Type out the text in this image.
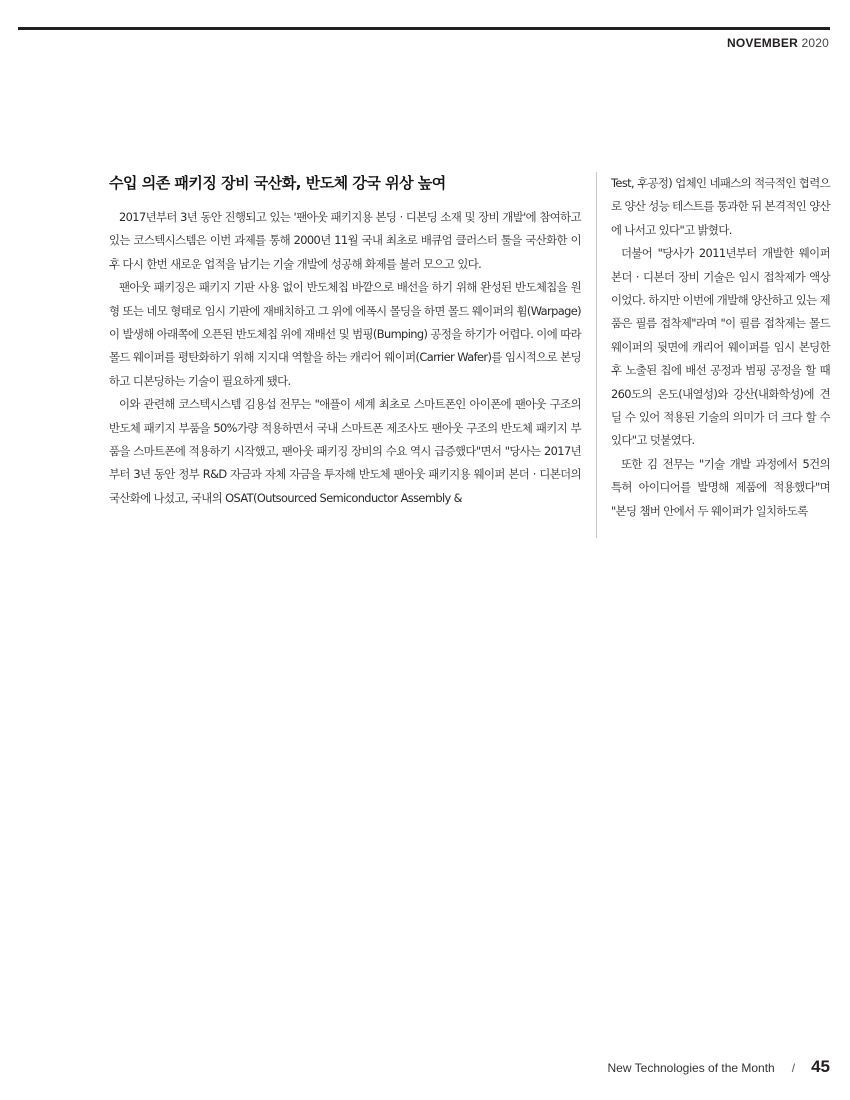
NOVEMBER 2020
수입 의존 패키징 장비 국산화, 반도체 강국 위상 높여

2017년부터 3년 동안 진행되고 있는 '팬아웃 패키지용 본딩 · 디본딩 소재 및 장비 개발'에 참여하고 있는 코스텍시스템은 이번 과제를 통해 2000년 11월 국내 최초로 배큐엄 클러스터 툴을 국산화한 이후 다시 한번 새로운 업적을 남기는 기술 개발에 성공해 화제를 불러 모으고 있다.

팬아웃 패키징은 패키지 기판 사용 없이 반도체칩 바깥으로 배선을 하기 위해 완성된 반도체칩을 원형 또는 네모 형태로 임시 기판에 재배치하고 그 위에 에폭시 몰딩을 하면 몰드 웨이퍼의 휨(Warpage)이 발생해 아래쪽에 오픈된 반도체칩 위에 재배선 및 범핑(Bumping) 공정을 하기가 어렵다. 이에 따라 몰드 웨이퍼를 평탄화하기 위해 지지대 역할을 하는 캐리어 웨이퍼(Carrier Wafer)를 임시적으로 본딩하고 디본딩하는 기술이 필요하게 됐다.

이와 관련해 코스텍시스템 김용섭 전무는 "애플이 세계 최초로 스마트폰인 아이폰에 팬아웃 구조의 반도체 패키지 부품을 50%가량 적용하면서 국내 스마트폰 제조사도 팬아웃 구조의 반도체 패키지 부품을 스마트폰에 적용하기 시작했고, 팬아웃 패키징 장비의 수요 역시 급증했다"면서 "당사는 2017년부터 3년 동안 정부 R&D 자금과 자체 자금을 투자해 반도체 팬아웃 패키지용 웨이퍼 본더 · 디본더의 국산화에 나섰고, 국내의 OSAT(Outsourced Semiconductor Assembly &

Test, 후공정) 업체인 네패스의 적극적인 협력으로 양산 성능 테스트를 통과한 뒤 본격적인 양산에 나서고 있다"고 밝혔다.

더불어 "당사가 2011년부터 개발한 웨이퍼 본더 · 디본더 장비 기술은 임시 접착제가 액상이었다. 하지만 이번에 개발해 양산하고 있는 제품은 필름 접착제"라며 "이 필름 접착제는 몰드 웨이퍼의 뒷면에 캐리어 웨이퍼를 임시 본딩한 후 노출된 칩에 배선 공정과 범핑 공정을 할 때 260도의 온도(내열성)와 강산(내화학성)에 견딜 수 있어 적용된 기술의 의미가 더 크다 할 수 있다"고 덧붙였다.

또한 김 전무는 "기술 개발 과정에서 5건의 특허 아이디어를 발명해 제품에 적용했다"며 "본딩 챔버 안에서 두 웨이퍼가 일치하도록

New Technologies of the Month / 45
